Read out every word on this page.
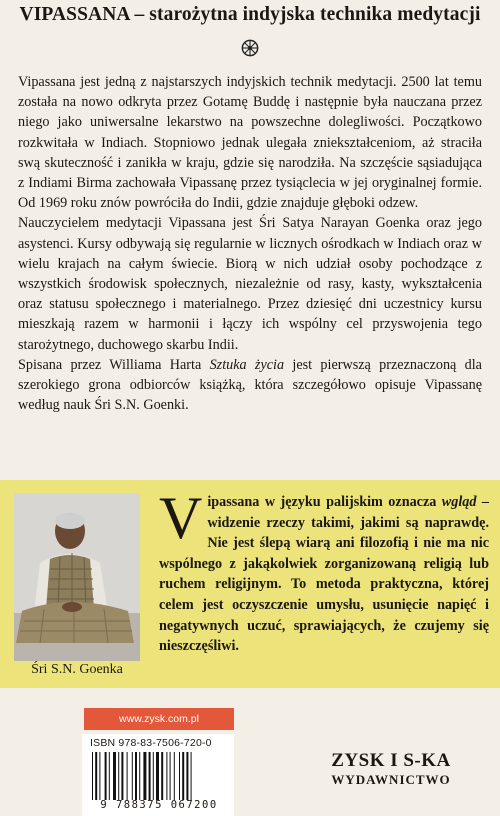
VIPASSANA – starożytna indyjska technika medytacji

Vipassana jest jedną z najstarszych indyjskich technik medytacji. 2500 lat temu została na nowo odkryta przez Gotamę Buddę i następnie była nauczana przez niego jako uniwersalne lekarstwo na powszechne dolegliwości. Początkowo rozkwitała w Indiach. Stopniowo jednak ulegała zniekształceniom, aż straciła swą skuteczność i zanikła w kraju, gdzie się narodziła. Na szczęście sąsiadująca z Indiami Birma zachowała Vipassanę przez tysiąclecia w jej oryginalnej formie. Od 1969 roku znów powróciła do Indii, gdzie znajduje głęboki odzew.

Nauczycielem medytacji Vipassana jest Śri Satya Narayan Goenka oraz jego asystenci. Kursy odbywają się regularnie w licznych ośrodkach w Indiach oraz w wielu krajach na całym świecie. Biorą w nich udział osoby pochodzące z wszystkich środowisk społecznych, niezależnie od rasy, kasty, wykształcenia oraz statusu społecznego i materialnego. Przez dziesięć dni uczestnicy kursu mieszkają razem w harmonii i łączy ich wspólny cel przyswojenia tego starożytnego, duchowego skarbu Indii.

Spisana przez Williama Harta Sztuka życia jest pierwszą przeznaczoną dla szerokiego grona odbiorców książką, która szczegółowo opisuje Vipassanę według nauk Śri S.N. Goenki.

Śri S.N. Goenka
Vipassana w języku palijskim oznacza wgląd – widzenie rzeczy takimi, jakimi są naprawdę. Nie jest ślepą wiarą ani filozofią i nie ma nic wspólnego z jakąkolwiek zorganizowaną religią lub ruchem religijnym. To metoda praktyczna, której celem jest oczyszczenie umysłu, usunięcie napięć i negatywnych uczuć, sprawiających, że czujemy się nieszczęśliwi.
www.zysk.com.pl
ISBN 978-83-7506-720-0
9 788375 067200
ZYSK I S-KA
WYDAWNICTWO
